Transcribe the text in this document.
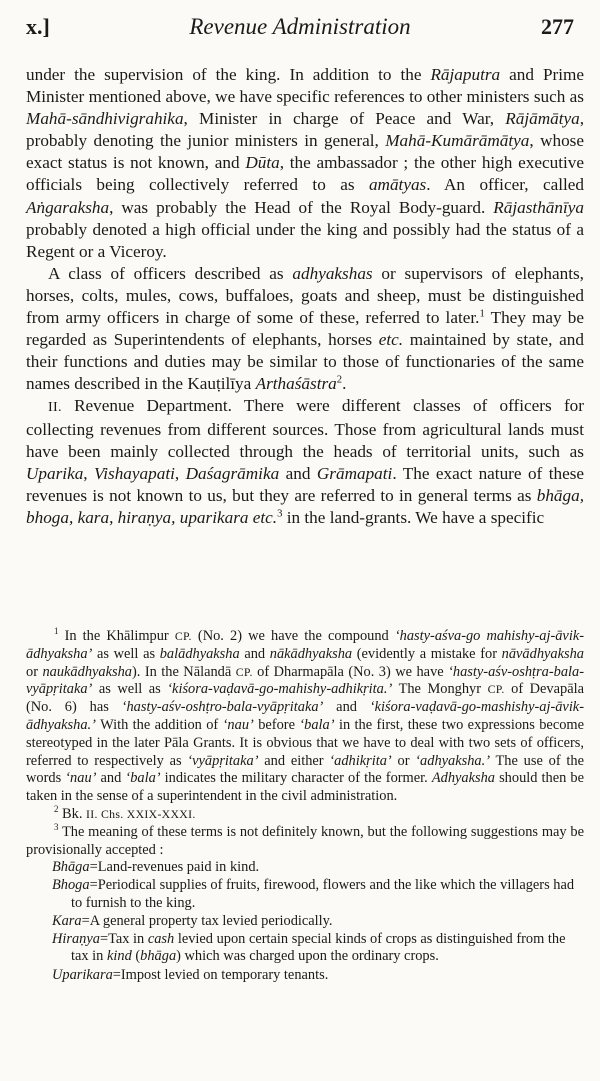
x.]	Revenue Administration	277

under the supervision of the king. In addition to the Rājaputra and Prime Minister mentioned above, we have specific references to other ministers such as Mahā-sāndhivigrahika, Minister in charge of Peace and War, Rājāmātya, probably denoting the junior ministers in general, Mahā-Kumārāmātya, whose exact status is not known, and Dūta, the ambassador ; the other high executive officials being collectively referred to as amātyas. An officer, called Aṅgaraksha, was probably the Head of the Royal Body-guard. Rājasthānīya probably denoted a high official under the king and possibly had the status of a Regent or a Viceroy.

A class of officers described as adhyakshas or supervisors of elephants, horses, colts, mules, cows, buffaloes, goats and sheep, must be distinguished from army officers in charge of some of these, referred to later.$^1$ They may be regarded as Superintendents of elephants, horses etc. maintained by state, and their functions and duties may be similar to those of functionaries of the same names described in the Kauṭilīya Arthaśāstra$^2$.

II. Revenue Department. There were different classes of officers for collecting revenues from different sources. Those from agricultural lands must have been mainly collected through the heads of territorial units, such as Uparika, Vishayapati, Daśagrāmika and Grāmapati. The exact nature of these revenues is not known to us, but they are referred to in general terms as bhāga, bhoga, kara, hiraṇya, uparikara etc.$^3$ in the land-grants. We have a specific

$^1$ In the Khālimpur CP. (No. 2) we have the compound ‘hasty-aśva-go mahishy-aj-āvik-ādhyaksha’ as well as balādhyaksha and nākādhyaksha (evidently a mistake for nāvādhyaksha or naukādhyaksha). In the Nālandā CP. of Dharmapāla (No. 3) we have ‘hasty-aśv-oshṭra-bala-vyāpṛitaka’ as well as ‘kiśora-vaḍavā-go-mahishy-adhikṛita.’ The Monghyr CP. of Devapāla (No. 6) has ‘hasty-aśv-oshṭro-bala-vyāpṛitaka’ and ‘kiśora-vaḍavā-go-mashishy-aj-āvik-ādhyaksha.’ With the addition of ‘nau’ before ‘bala’ in the first, these two expressions become stereotyped in the later Pāla Grants. It is obvious that we have to deal with two sets of officers, referred to respectively as ‘vyāpṛitaka’ and either ‘adhikṛita’ or ‘adhyaksha.’ The use of the words ‘nau’ and ‘bala’ indicates the military character of the former. Adhyaksha should then be taken in the sense of a superintendent in the civil administration.

$^2$ Bk. II. Chs. XXIX-XXXI.

$^3$ The meaning of these terms is not definitely known, but the following suggestions may be provisionally accepted :

Bhāga=Land-revenues paid in kind.

Bhoga=Periodical supplies of fruits, firewood, flowers and the like which the villagers had to furnish to the king.

Kara=A general property tax levied periodically.

Hiraṇya=Tax in cash levied upon certain special kinds of crops as distinguished from the tax in kind (bhāga) which was charged upon the ordinary crops.

Uparikara=Impost levied on temporary tenants.
